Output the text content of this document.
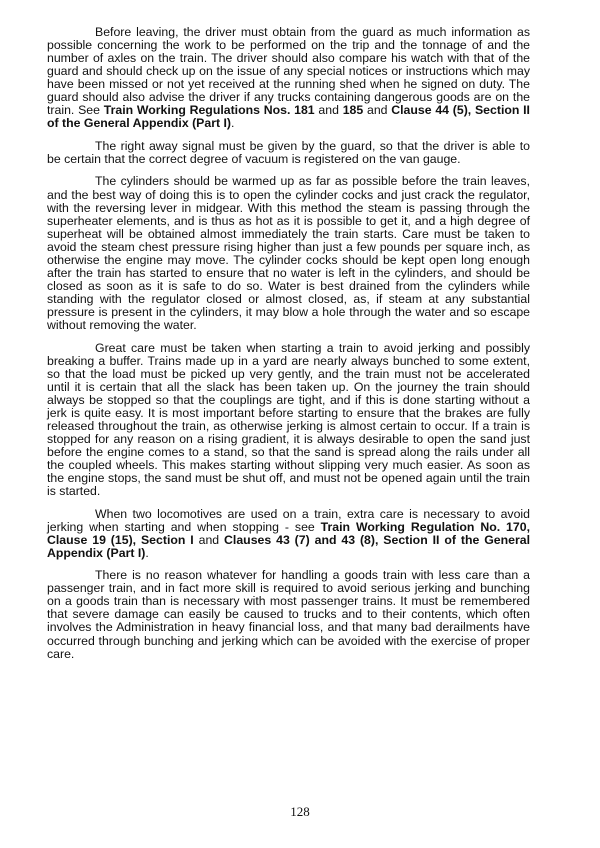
Before leaving, the driver must obtain from the guard as much information as possible concerning the work to be performed on the trip and the tonnage of and the number of axles on the train. The driver should also compare his watch with that of the guard and should check up on the issue of any special notices or instructions which may have been missed or not yet received at the running shed when he signed on duty. The guard should also advise the driver if any trucks containing dangerous goods are on the train. See Train Working Regulations Nos. 181 and 185 and Clause 44 (5), Section II of the General Appendix (Part I).

The right away signal must be given by the guard, so that the driver is able to be certain that the correct degree of vacuum is registered on the van gauge.

The cylinders should be warmed up as far as possible before the train leaves, and the best way of doing this is to open the cylinder cocks and just crack the regulator, with the reversing lever in midgear. With this method the steam is passing through the superheater elements, and is thus as hot as it is possible to get it, and a high degree of superheat will be obtained almost immediately the train starts. Care must be taken to avoid the steam chest pressure rising higher than just a few pounds per square inch, as otherwise the engine may move. The cylinder cocks should be kept open long enough after the train has started to ensure that no water is left in the cylinders, and should be closed as soon as it is safe to do so. Water is best drained from the cylinders while standing with the regulator closed or almost closed, as, if steam at any substantial pressure is present in the cylinders, it may blow a hole through the water and so escape without removing the water.

Great care must be taken when starting a train to avoid jerking and possibly breaking a buffer. Trains made up in a yard are nearly always bunched to some extent, so that the load must be picked up very gently, and the train must not be accelerated until it is certain that all the slack has been taken up. On the journey the train should always be stopped so that the couplings are tight, and if this is done starting without a jerk is quite easy. It is most important before starting to ensure that the brakes are fully released throughout the train, as otherwise jerking is almost certain to occur. If a train is stopped for any reason on a rising gradient, it is always desirable to open the sand just before the engine comes to a stand, so that the sand is spread along the rails under all the coupled wheels. This makes starting without slipping very much easier. As soon as the engine stops, the sand must be shut off, and must not be opened again until the train is started.

When two locomotives are used on a train, extra care is necessary to avoid jerking when starting and when stopping - see Train Working Regulation No. 170, Clause 19 (15), Section I and Clauses 43 (7) and 43 (8), Section II of the General Appendix (Part I).

There is no reason whatever for handling a goods train with less care than a passenger train, and in fact more skill is required to avoid serious jerking and bunching on a goods train than is necessary with most passenger trains. It must be remembered that severe damage can easily be caused to trucks and to their contents, which often involves the Administration in heavy financial loss, and that many bad derailments have occurred through bunching and jerking which can be avoided with the exercise of proper care.

128
